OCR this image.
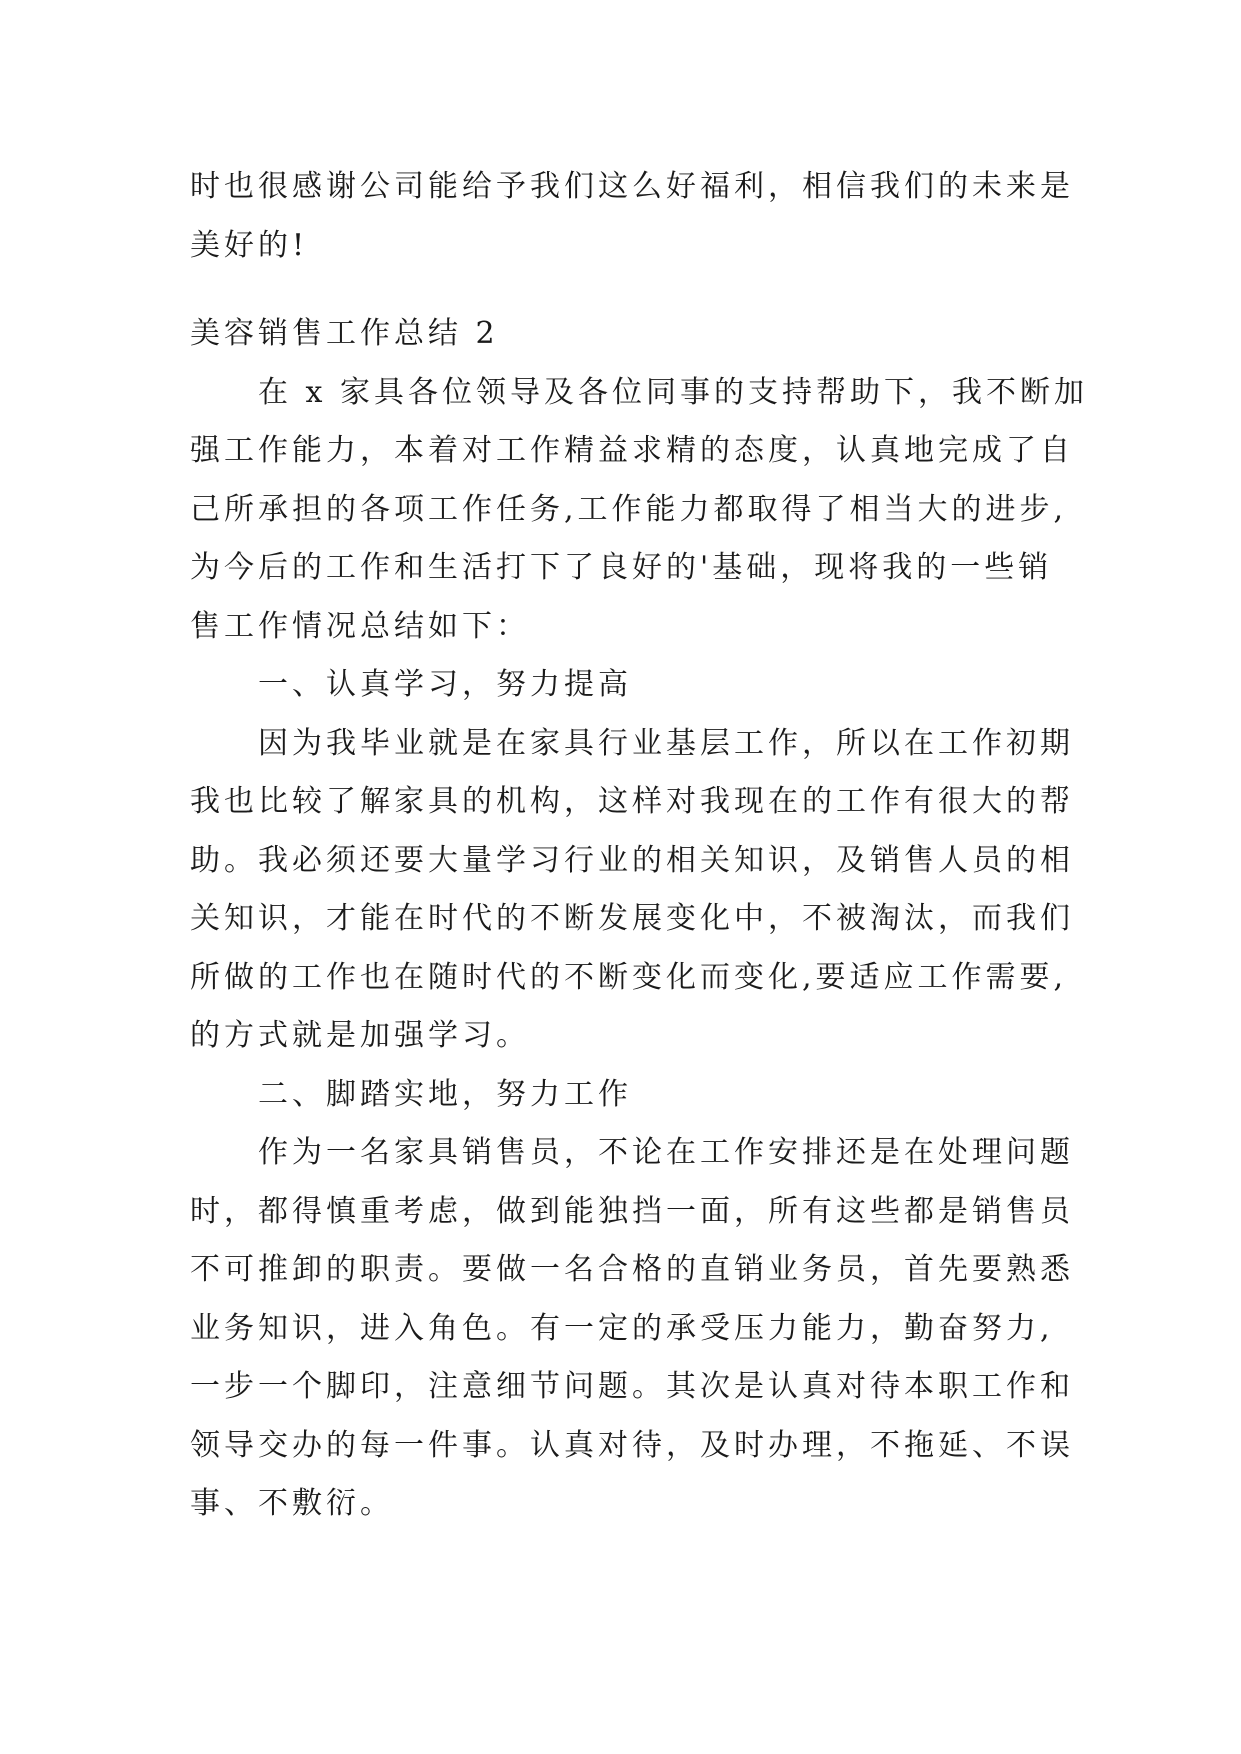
时也很感谢公司能给予我们这么好福利，相信我们的未来是
美好的!
美容销售工作总结 2
在 x 家具各位领导及各位同事的支持帮助下，我不断加
强工作能力，本着对工作精益求精的态度，认真地完成了自
己所承担的各项工作任务,工作能力都取得了相当大的进步,
为今后的工作和生活打下了良好的'基础，现将我的一些销
售工作情况总结如下：
一、认真学习，努力提高
因为我毕业就是在家具行业基层工作，所以在工作初期
我也比较了解家具的机构，这样对我现在的工作有很大的帮
助。我必须还要大量学习行业的相关知识，及销售人员的相
关知识，才能在时代的不断发展变化中，不被淘汰，而我们
所做的工作也在随时代的不断变化而变化,要适应工作需要,
的方式就是加强学习。
二、脚踏实地，努力工作
作为一名家具销售员，不论在工作安排还是在处理问题
时，都得慎重考虑，做到能独挡一面，所有这些都是销售员
不可推卸的职责。要做一名合格的直销业务员，首先要熟悉
业务知识，进入角色。有一定的承受压力能力，勤奋努力,
一步一个脚印，注意细节问题。其次是认真对待本职工作和
领导交办的每一件事。认真对待，及时办理，不拖延、不误
事、不敷衍。
